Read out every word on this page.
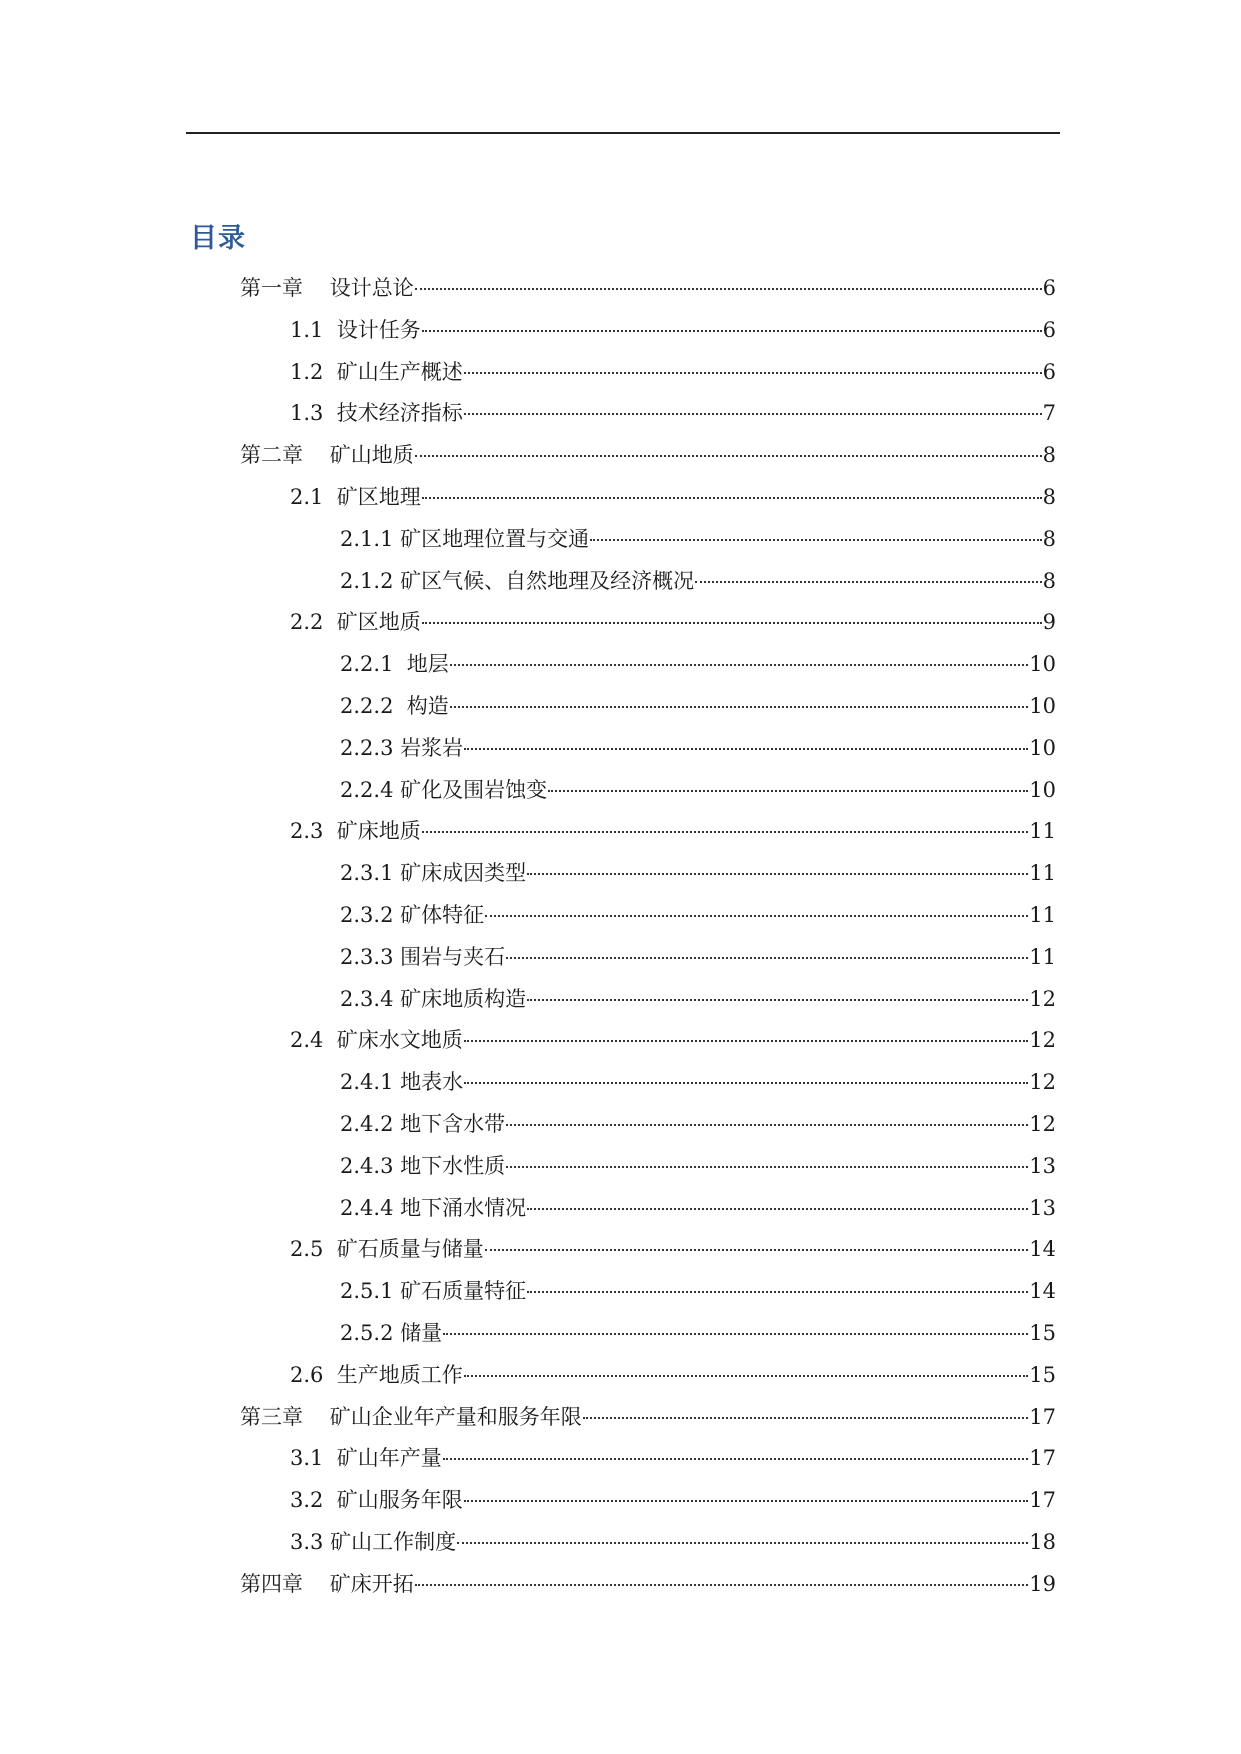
目录
第一章    设计总论	6
1.1  设计任务	6
1.2  矿山生产概述	6
1.3  技术经济指标	7
第二章    矿山地质	8
2.1  矿区地理	8
2.1.1 矿区地理位置与交通	8
2.1.2 矿区气候、自然地理及经济概况	8
2.2  矿区地质	9
2.2.1  地层	10
2.2.2  构造	10
2.2.3 岩浆岩	10
2.2.4 矿化及围岩蚀变	10
2.3  矿床地质	11
2.3.1 矿床成因类型	11
2.3.2 矿体特征	11
2.3.3 围岩与夹石	11
2.3.4 矿床地质构造	12
2.4  矿床水文地质	12
2.4.1 地表水	12
2.4.2 地下含水带	12
2.4.3 地下水性质	13
2.4.4 地下涌水情况	13
2.5  矿石质量与储量	14
2.5.1 矿石质量特征	14
2.5.2 储量	15
2.6  生产地质工作	15
第三章    矿山企业年产量和服务年限	17
3.1  矿山年产量	17
3.2  矿山服务年限	17
3.3 矿山工作制度	18
第四章    矿床开拓	19
